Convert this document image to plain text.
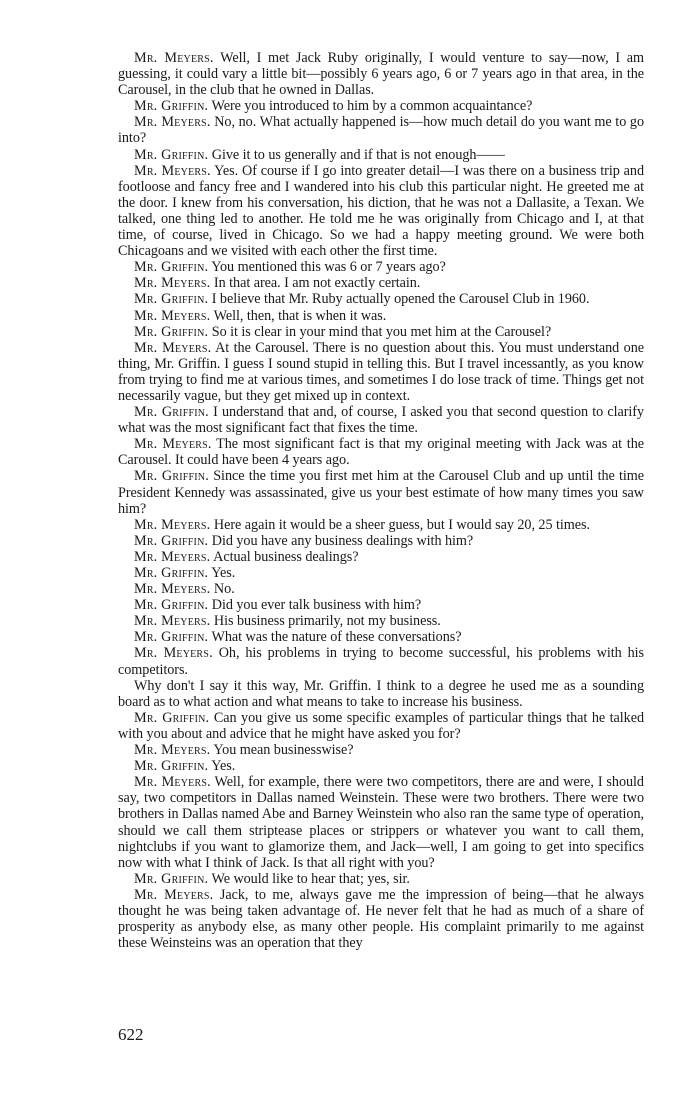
Mr. Meyers. Well, I met Jack Ruby originally, I would venture to say—now, I am guessing, it could vary a little bit—possibly 6 years ago, 6 or 7 years ago in that area, in the Carousel, in the club that he owned in Dallas.

Mr. Griffin. Were you introduced to him by a common acquaintance?

Mr. Meyers. No, no. What actually happened is—how much detail do you want me to go into?

Mr. Griffin. Give it to us generally and if that is not enough——

Mr. Meyers. Yes. Of course if I go into greater detail—I was there on a business trip and footloose and fancy free and I wandered into his club this particular night. He greeted me at the door. I knew from his conversation, his diction, that he was not a Dallasite, a Texan. We talked, one thing led to another. He told me he was originally from Chicago and I, at that time, of course, lived in Chicago. So we had a happy meeting ground. We were both Chicagoans and we visited with each other the first time.

Mr. Griffin. You mentioned this was 6 or 7 years ago?

Mr. Meyers. In that area. I am not exactly certain.

Mr. Griffin. I believe that Mr. Ruby actually opened the Carousel Club in 1960.

Mr. Meyers. Well, then, that is when it was.

Mr. Griffin. So it is clear in your mind that you met him at the Carousel?

Mr. Meyers. At the Carousel. There is no question about this. You must understand one thing, Mr. Griffin. I guess I sound stupid in telling this. But I travel incessantly, as you know from trying to find me at various times, and sometimes I do lose track of time. Things get not necessarily vague, but they get mixed up in context.

Mr. Griffin. I understand that and, of course, I asked you that second question to clarify what was the most significant fact that fixes the time.

Mr. Meyers. The most significant fact is that my original meeting with Jack was at the Carousel. It could have been 4 years ago.

Mr. Griffin. Since the time you first met him at the Carousel Club and up until the time President Kennedy was assassinated, give us your best estimate of how many times you saw him?

Mr. Meyers. Here again it would be a sheer guess, but I would say 20, 25 times.

Mr. Griffin. Did you have any business dealings with him?

Mr. Meyers. Actual business dealings?

Mr. Griffin. Yes.

Mr. Meyers. No.

Mr. Griffin. Did you ever talk business with him?

Mr. Meyers. His business primarily, not my business.

Mr. Griffin. What was the nature of these conversations?

Mr. Meyers. Oh, his problems in trying to become successful, his problems with his competitors.

Why don't I say it this way, Mr. Griffin. I think to a degree he used me as a sounding board as to what action and what means to take to increase his business.

Mr. Griffin. Can you give us some specific examples of particular things that he talked with you about and advice that he might have asked you for?

Mr. Meyers. You mean businesswise?

Mr. Griffin. Yes.

Mr. Meyers. Well, for example, there were two competitors, there are and were, I should say, two competitors in Dallas named Weinstein. These were two brothers. There were two brothers in Dallas named Abe and Barney Weinstein who also ran the same type of operation, should we call them striptease places or strippers or whatever you want to call them, nightclubs if you want to glamorize them, and Jack—well, I am going to get into specifics now with what I think of Jack. Is that all right with you?

Mr. Griffin. We would like to hear that; yes, sir.

Mr. Meyers. Jack, to me, always gave me the impression of being—that he always thought he was being taken advantage of. He never felt that he had as much of a share of prosperity as anybody else, as many other people. His complaint primarily to me against these Weinsteins was an operation that they

622
